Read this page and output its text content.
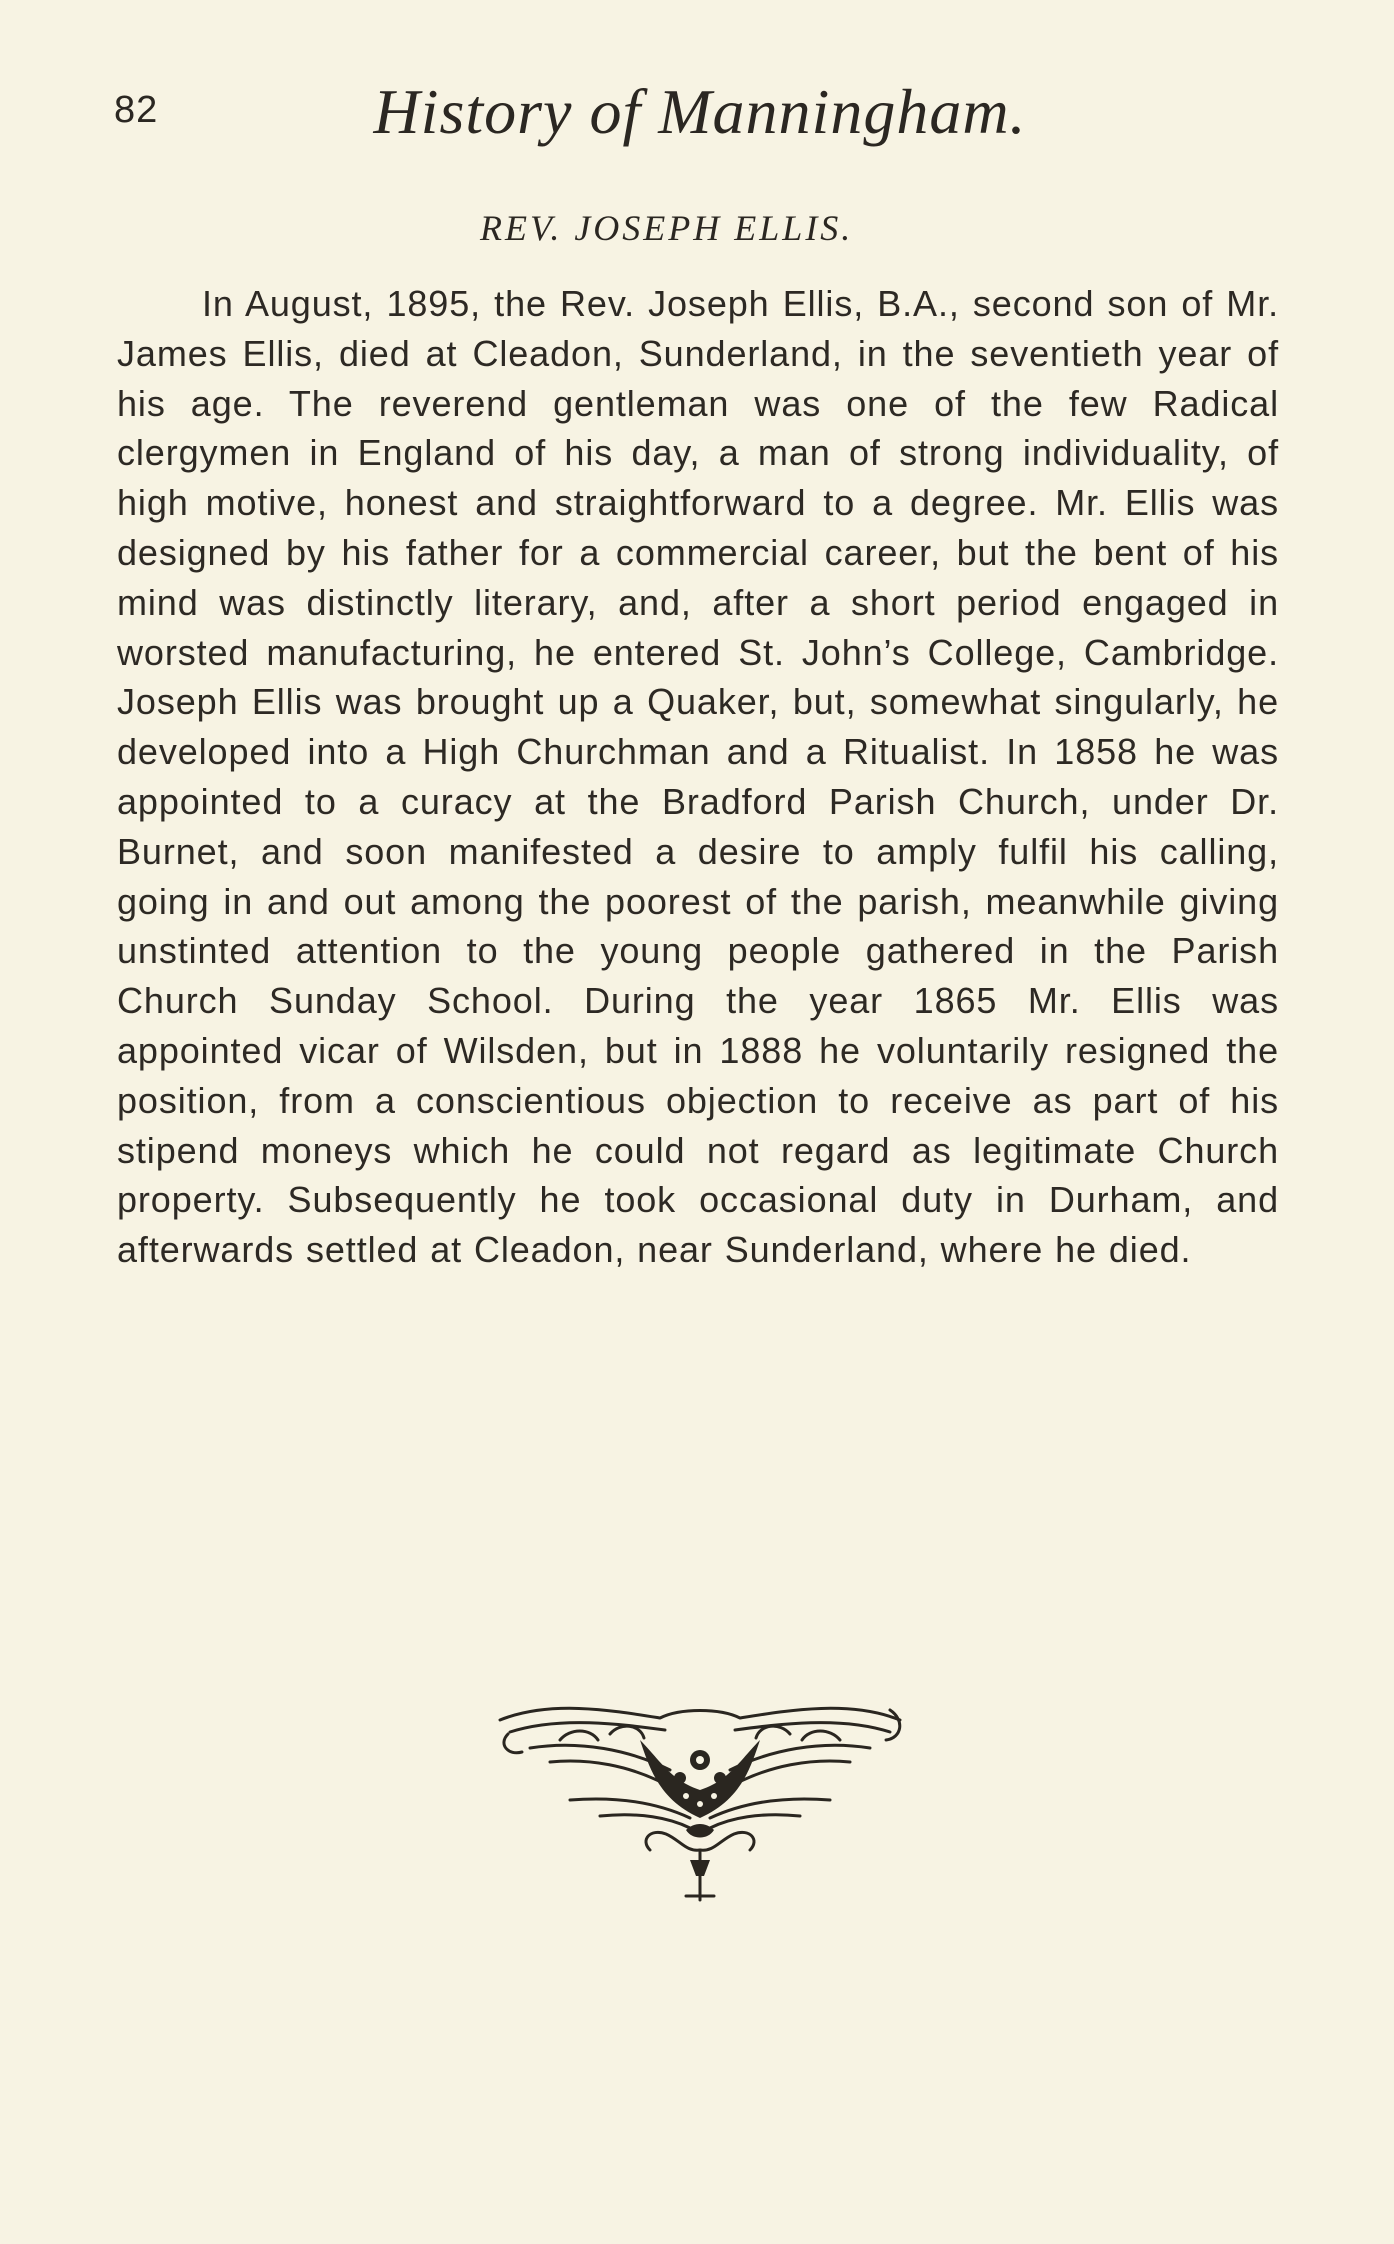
82	History of Manningham.
REV. JOSEPH ELLIS.

In August, 1895, the Rev. Joseph Ellis, B.A., second son of Mr. James Ellis, died at Cleadon, Sunderland, in the seventieth year of his age. The reverend gentleman was one of the few Radical clergymen in England of his day, a man of strong individuality, of high motive, honest and straightforward to a degree. Mr. Ellis was designed by his father for a commercial career, but the bent of his mind was distinctly literary, and, after a short period engaged in worsted manufacturing, he entered St. John’s College, Cambridge. Joseph Ellis was brought up a Quaker, but, somewhat singularly, he developed into a High Churchman and a Ritualist. In 1858 he was appointed to a curacy at the Bradford Parish Church, under Dr. Burnet, and soon manifested a desire to amply fulfil his calling, going in and out among the poorest of the parish, meanwhile giving unstinted attention to the young people gathered in the Parish Church Sunday School. During the year 1865 Mr. Ellis was appointed vicar of Wilsden, but in 1888 he voluntarily resigned the position, from a conscientious objection to receive as part of his stipend moneys which he could not regard as legitimate Church property. Subsequently he took occasional duty in Durham, and afterwards settled at Cleadon, near Sunderland, where he died.
